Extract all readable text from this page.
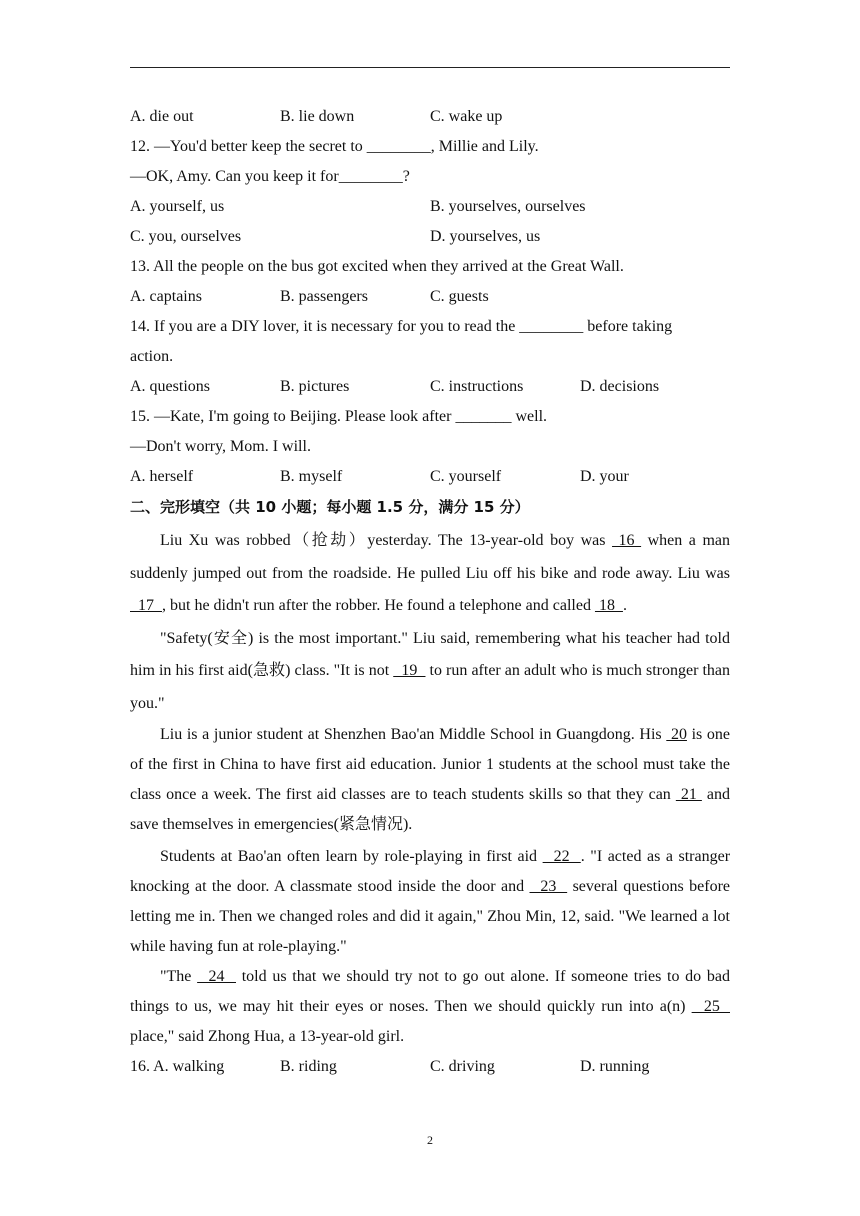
A. die out	B. lie down	C. wake up
12. —You'd better keep the secret to ________, Millie and Lily.
—OK, Amy. Can you keep it for________?
A. yourself, us	B. yourselves, ourselves
C. you, ourselves	D. yourselves, us
13. All the people on the bus got excited when they arrived at the Great Wall.
A. captains	B. passengers	C. guests
14. If you are a DIY lover, it is necessary for you to read the ________ before taking
action.
A. questions	B. pictures	C. instructions	D. decisions
15. —Kate, I'm going to Beijing. Please look after _______ well.
—Don't worry, Mom. I will.
A. herself	B. myself	C. yourself	D. your
二、完形填空（共 10 小题；每小题 1.5 分，满分 15 分）
Liu Xu was robbed（抢劫）yesterday. The 13-year-old boy was  16  when a man suddenly jumped out from the roadside. He pulled Liu off his bike and rode away. Liu was   17  , but he didn't run after the robber. He found a telephone and called  18  .
"Safety(安全) is the most important." Liu said, remembering what his teacher had told him in his first aid(急救) class. "It is not   19   to run after an adult who is much stronger than you."
Liu is a junior student at Shenzhen Bao'an Middle School in Guangdong. His  20 is one of the first in China to have first aid education. Junior 1 students at the school must take the class once a week. The first aid classes are to teach students skills so that they can  21  and save themselves in emergencies(紧急情况).
Students at Bao'an often learn by role-playing in first aid   22  . "I acted as a stranger knocking at the door. A classmate stood inside the door and   23   several questions before letting me in. Then we changed roles and did it again," Zhou Min, 12, said. "We learned a lot while having fun at role-playing."
"The   24   told us that we should try not to go out alone. If someone tries to do bad things to us, we may hit their eyes or noses. Then we should quickly run into a(n)   25   place," said Zhong Hua, a 13-year-old girl.
16. A. walking	B. riding	C. driving	D. running
2
